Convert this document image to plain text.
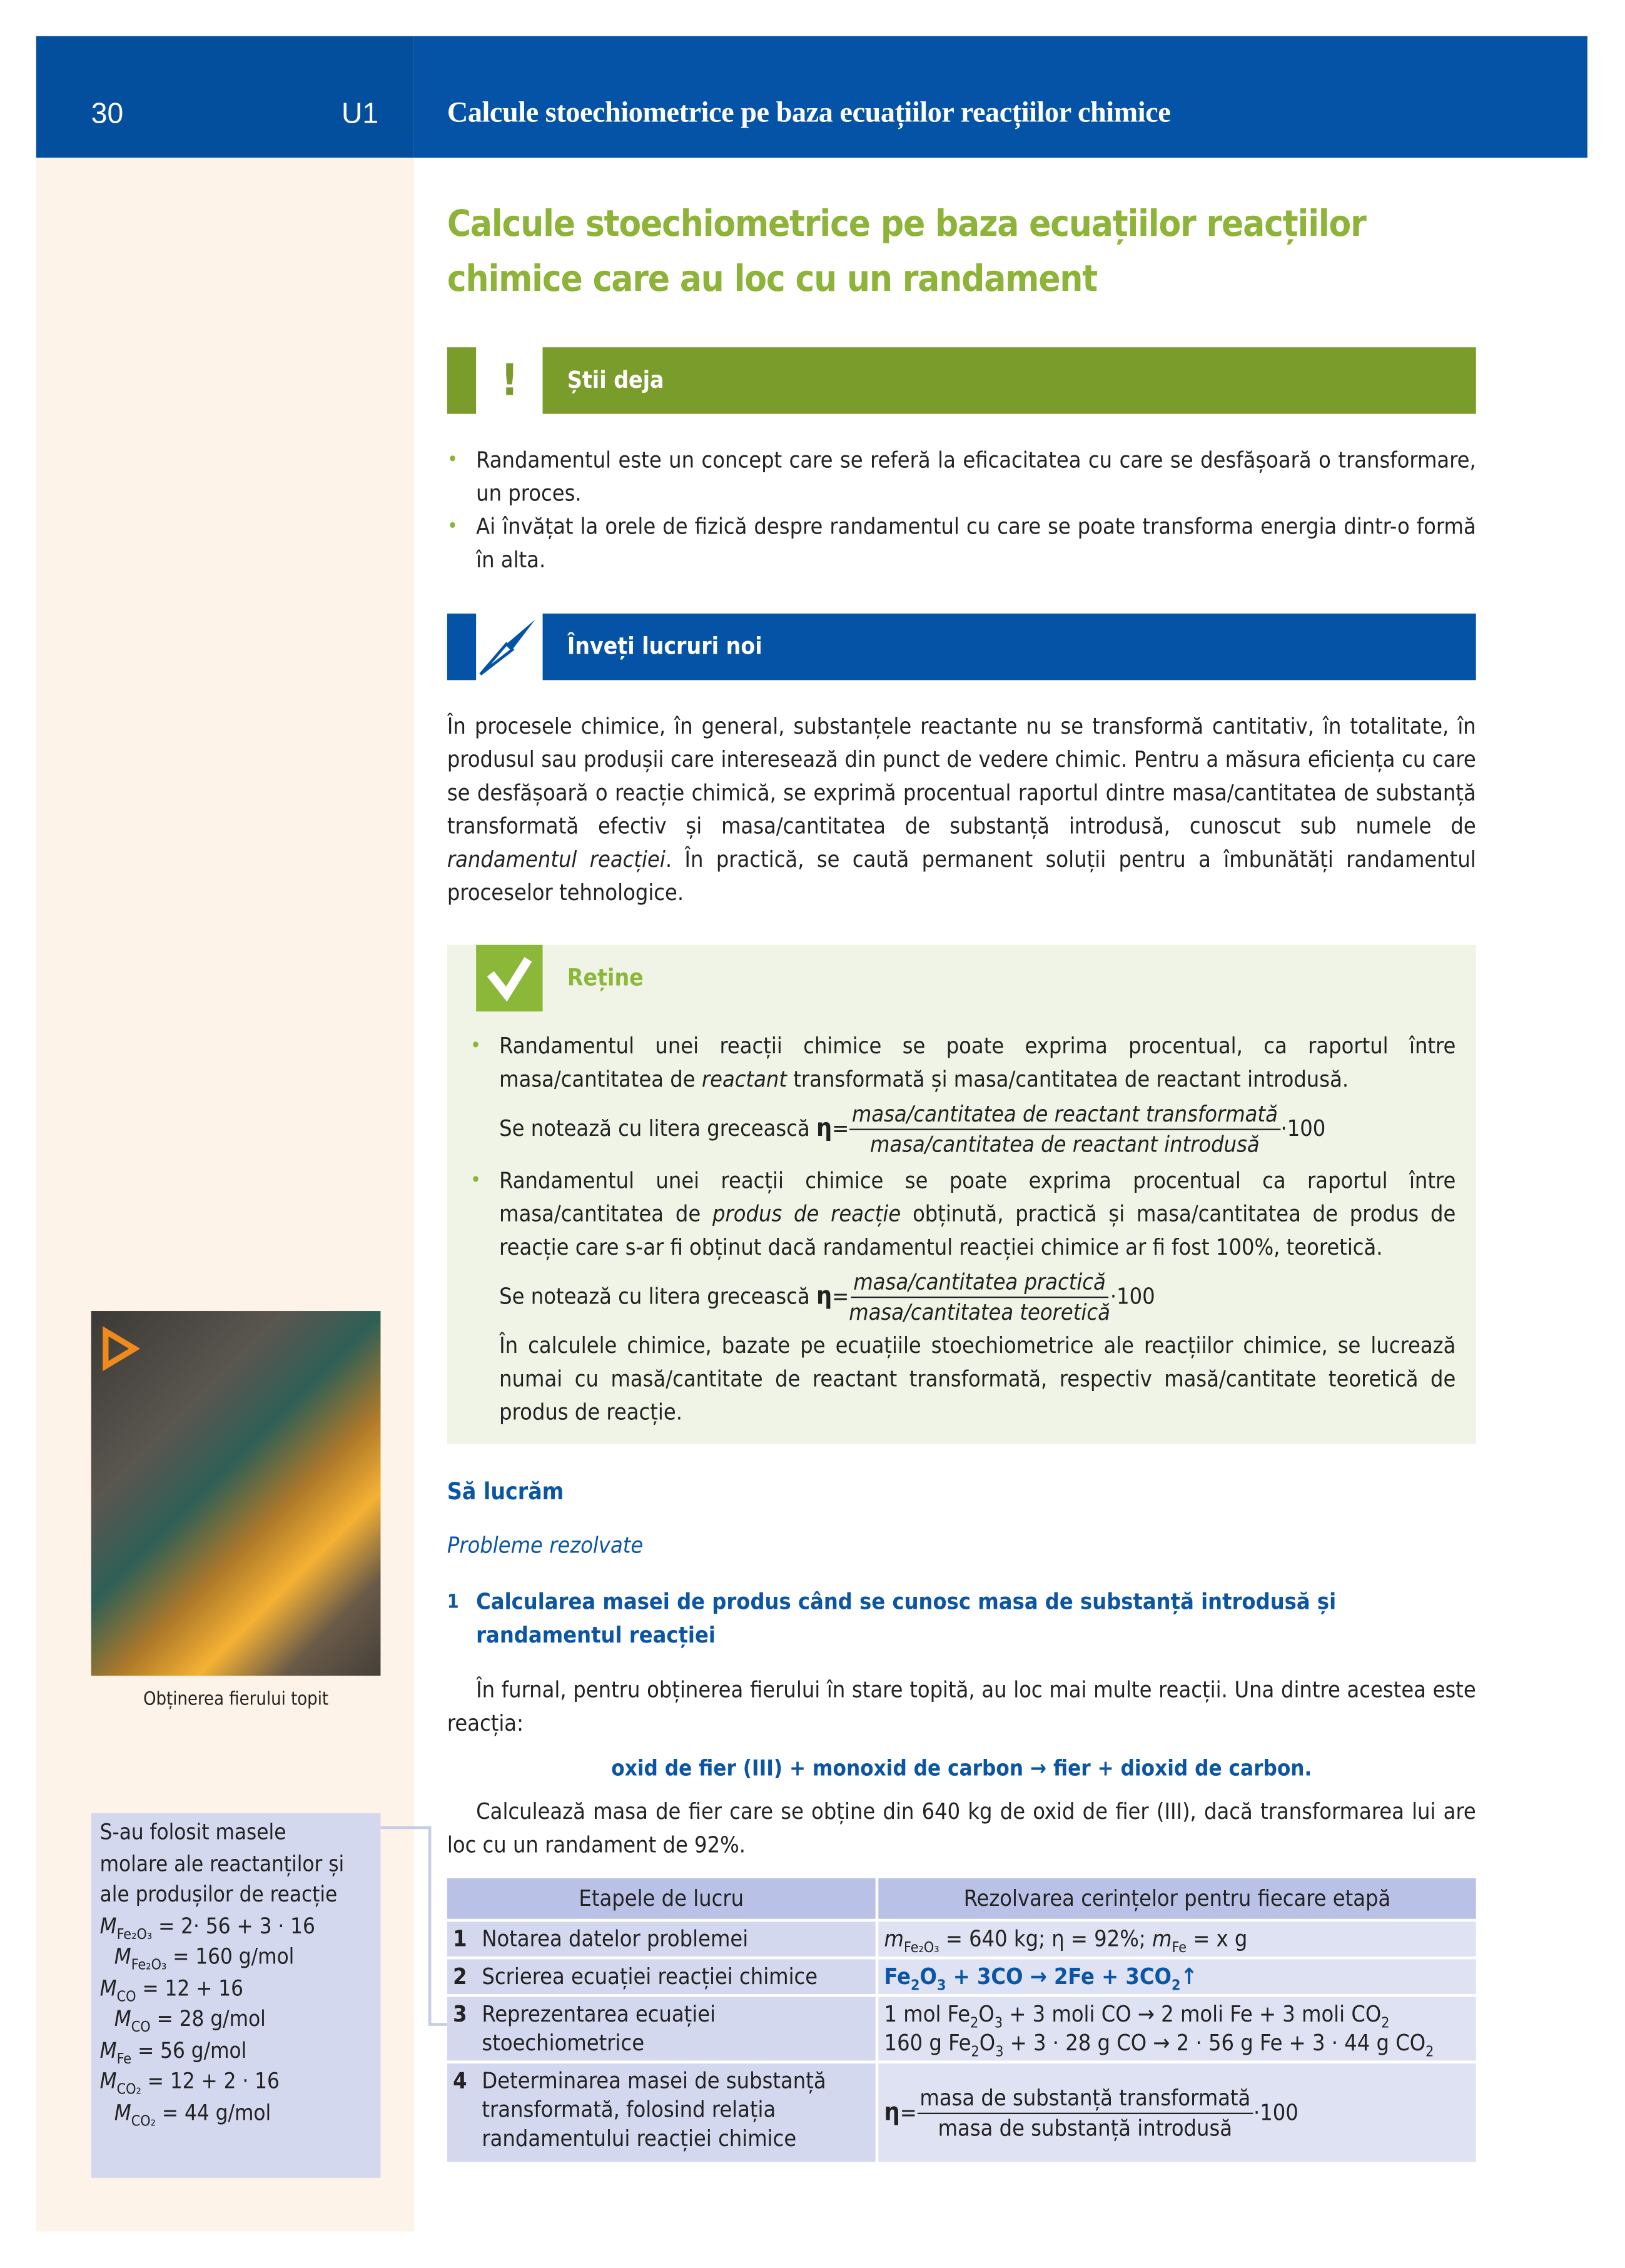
30	U1	Calcule stoechiometrice pe baza ecuațiilor reacțiilor chimice
Calcule stoechiometrice pe baza ecuațiilor reacțiilor chimice care au loc cu un randament
!	Știi deja
• Randamentul este un concept care se referă la eficacitatea cu care se desfășoară o transformare, un proces.
• Ai învățat la orele de fizică despre randamentul cu care se poate transforma energia dintr-o formă în alta.
Înveți lucruri noi

În procesele chimice, în general, substanțele reactante nu se transformă cantitativ, în totalitate, în produsul sau produșii care interesează din punct de vedere chimic. Pentru a măsura eficiența cu care se desfășoară o reacție chimică, se exprimă procentual raportul dintre masa/cantitatea de substanță transformată efectiv și masa/cantitatea de substanță introdusă, cunoscut sub numele de randamentul reacției. În practică, se caută permanent soluții pentru a îmbunătăți randamentul proceselor tehnologice.

Reține
• Randamentul unei reacții chimice se poate exprima procentual, ca raportul între masa/cantitatea de reactant transformată și masa/cantitatea de reactant introdusă.
Se notează cu litera grecească $\eta= \frac{\text{masa/cantitatea de reactant transformată}}{\text{masa/cantitatea de reactant introdusă}} \cdot 100$
• Randamentul unei reacții chimice se poate exprima procentual ca raportul între masa/cantitatea de produs de reacție obținută, practică și masa/cantitatea de produs de reacție care s-ar fi obținut dacă randamentul reacției chimice ar fi fost 100%, teoretică.
Se notează cu litera grecească $\eta= \frac{\text{masa/cantitatea practică}}{\text{masa/cantitatea teoretică}} \cdot 100$
În calculele chimice, bazate pe ecuațiile stoechiometrice ale reacțiilor chimice, se lucrează numai cu masă/cantitate de reactant transformată, respectiv masă/cantitate teoretică de produs de reacție.
Obținerea fierului topit
S-au folosit masele molare ale reactanților și ale produșilor de reacție
$M_{Fe_2O_3} = 2\cdot 56 + 3 \cdot 16$
$M_{Fe_2O_3} = 160$ g/mol
$M_{CO} = 12 + 16$
$M_{CO} = 28$ g/mol
$M_{Fe} = 56$ g/mol
$M_{CO_2} = 12 + 2 \cdot 16$
$M_{CO_2} = 44$ g/mol
Să lucrăm
Probleme rezolvate
1 Calcularea masei de produs când se cunosc masa de substanță introdusă și randamentul reacției

În furnal, pentru obținerea fierului în stare topită, au loc mai multe reacții. Una dintre acestea este reacția:

oxid de fier (III) + monoxid de carbon → fier + dioxid de carbon.

Calculează masa de fier care se obține din 640 kg de oxid de fier (III), dacă transformarea lui are loc cu un randament de 92%.

Etapele de lucru	Rezolvarea cerințelor pentru fiecare etapă
1 Notarea datelor problemei	$m_{Fe_2O_3} = 640$ kg; η = 92%; $m_{Fe} = x$ g
2 Scrierea ecuației reacției chimice	$Fe_2O_3 + 3CO \to 2Fe$ + $3CO_2↑$
3 Reprezentarea ecuației stoechiometrice	1 mol $Fe_2O_3 + 3$ moli CO → 2 moli Fe + 3 moli $CO_2$
160 g $Fe_2O_3 + 3 \cdot 28$ g CO → 2 · 56 g Fe + 3 · 44 g $CO_2$

4 Determinarea masei de substanță transformată, folosind relația randamentului reacției chimice	$\eta= \frac{\text{masa de substanță transformată}}{\text{masa de substanță introdusă}} \cdot 100$
